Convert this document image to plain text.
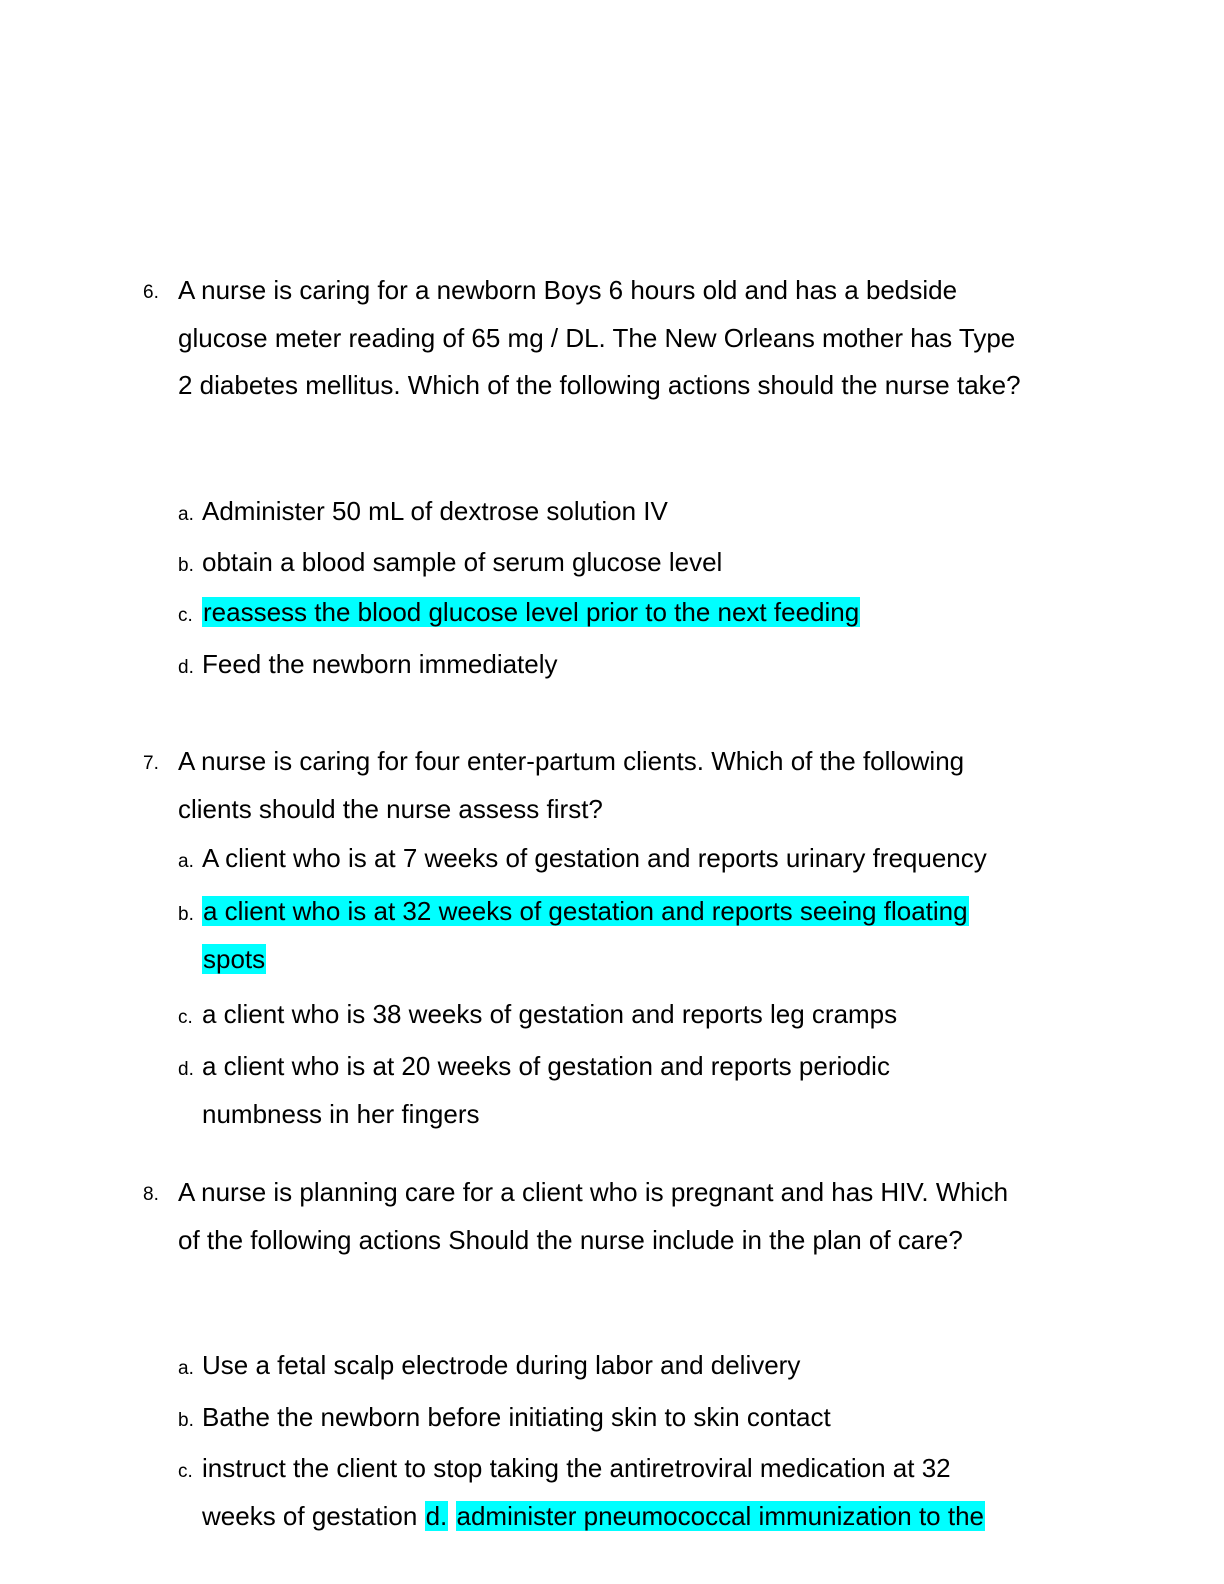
6. A nurse is caring for a newborn Boys 6 hours old and has a bedside glucose meter reading of 65 mg / DL. The New Orleans mother has Type 2 diabetes mellitus. Which of the following actions should the nurse take?
a. Administer 50 mL of dextrose solution IV
b. obtain a blood sample of serum glucose level
c. reassess the blood glucose level prior to the next feeding
d. Feed the newborn immediately
7. A nurse is caring for four enter-partum clients. Which of the following clients should the nurse assess first?
a. A client who is at 7 weeks of gestation and reports urinary frequency
b. a client who is at 32 weeks of gestation and reports seeing floating
spots
c. a client who is 38 weeks of gestation and reports leg cramps
d. a client who is at 20 weeks of gestation and reports periodic
numbness in her fingers
8. A nurse is planning care for a client who is pregnant and has HIV. Which of the following actions Should the nurse include in the plan of care?
a. Use a fetal scalp electrode during labor and delivery
b. Bathe the newborn before initiating skin to skin contact
c. instruct the client to stop taking the antiretroviral medication at 32
weeks of gestation d. administer pneumococcal immunization to the
